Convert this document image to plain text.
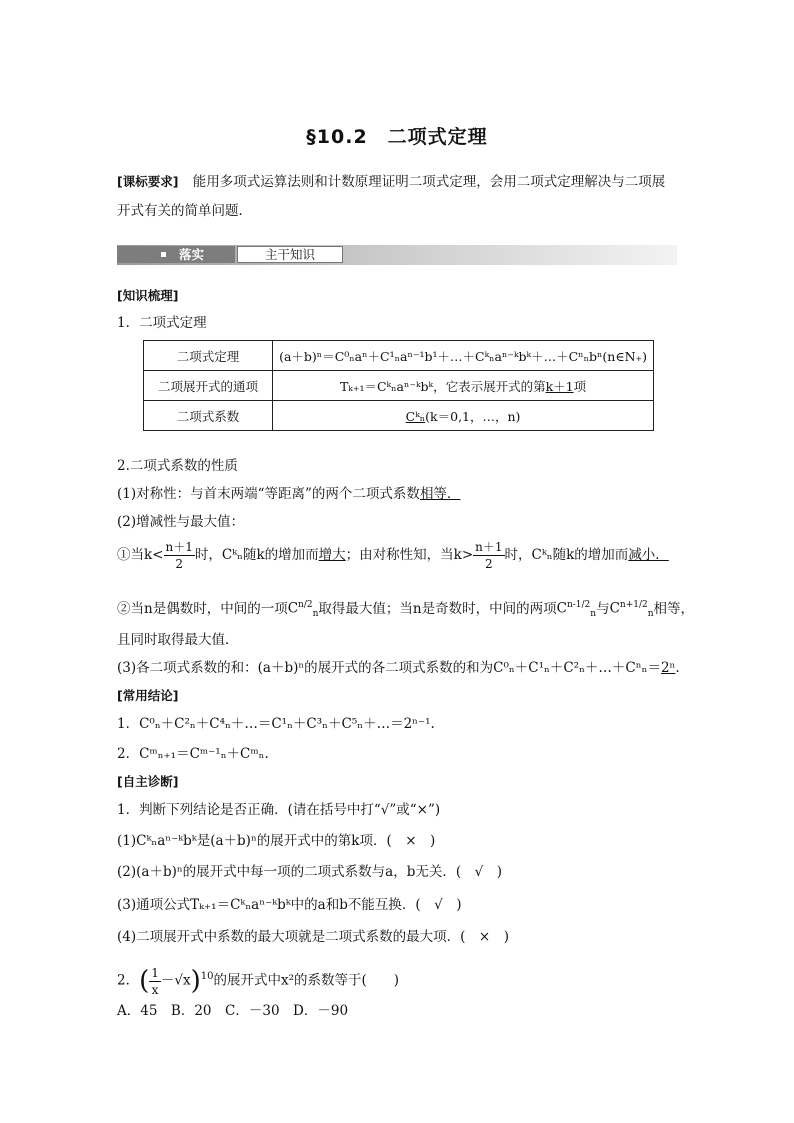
§10.2　二项式定理
[课标要求] 能用多项式运算法则和计数原理证明二项式定理，会用二项式定理解决与二项展
开式有关的简单问题．
落实	主干知识
[知识梳理]
1．二项式定理
二项式定理	(a＋b)ⁿ＝C⁰ₙaⁿ＋C¹ₙaⁿ⁻¹b¹＋…＋Cᵏₙaⁿ⁻ᵏbᵏ＋…＋Cⁿₙbⁿ(n∈N₊)
二项展开式的通项	Tₖ₊₁＝Cᵏₙaⁿ⁻ᵏbᵏ，它表示展开式的第k＋1项
二项式系数	Cᵏₙ(k＝0,1，…，n)
2.二项式系数的性质
(1)对称性：与首末两端“等距离”的两个二项式系数相等．
(2)增减性与最大值：
①当$k< \frac{n+1}{2}$ 时，Cᵏₙ随k的增加而增大；由对称性知，当$k> \frac{n+1}{2}$ 时，Cᵏₙ随k的增加而减小．
②当n是偶数时，中间的一项$C^{n/2}_n$取得最大值；当n是奇数时，中间的两项$C^{n-1/2}_n$与$C^{n+1/2}_n$相等，
且同时取得最大值．
(3)各二项式系数的和：(a＋b)ⁿ的展开式的各二项式系数的和为C⁰ₙ＋C¹ₙ＋C²ₙ＋…＋Cⁿₙ＝2ⁿ.
[常用结论]
1．C⁰ₙ＋C²ₙ＋C⁴ₙ＋…＝C¹ₙ＋C³ₙ＋C⁵ₙ＋…＝2ⁿ⁻¹.
2．Cᵐₙ₊₁＝Cᵐ⁻¹ₙ＋Cᵐₙ.
[自主诊断]
1．判断下列结论是否正确．(请在括号中打“√”或“×”)
(1)Cᵏₙaⁿ⁻ᵏbᵏ是(a＋b)ⁿ的展开式中的第k项．(　×　)
(2)(a＋b)ⁿ的展开式中每一项的二项式系数与a，b无关．(　√　)
(3)通项公式Tₖ₊₁＝Cᵏₙaⁿ⁻ᵏbᵏ中的a和b不能互换．(　√　)
(4)二项展开式中系数的最大项就是二项式系数的最大项．(　×　)
2．( $\frac{1}{x} -√x)^{10}$的展开式中x²的系数等于(　　)
A．45　B．20　C．－30　D．－90
